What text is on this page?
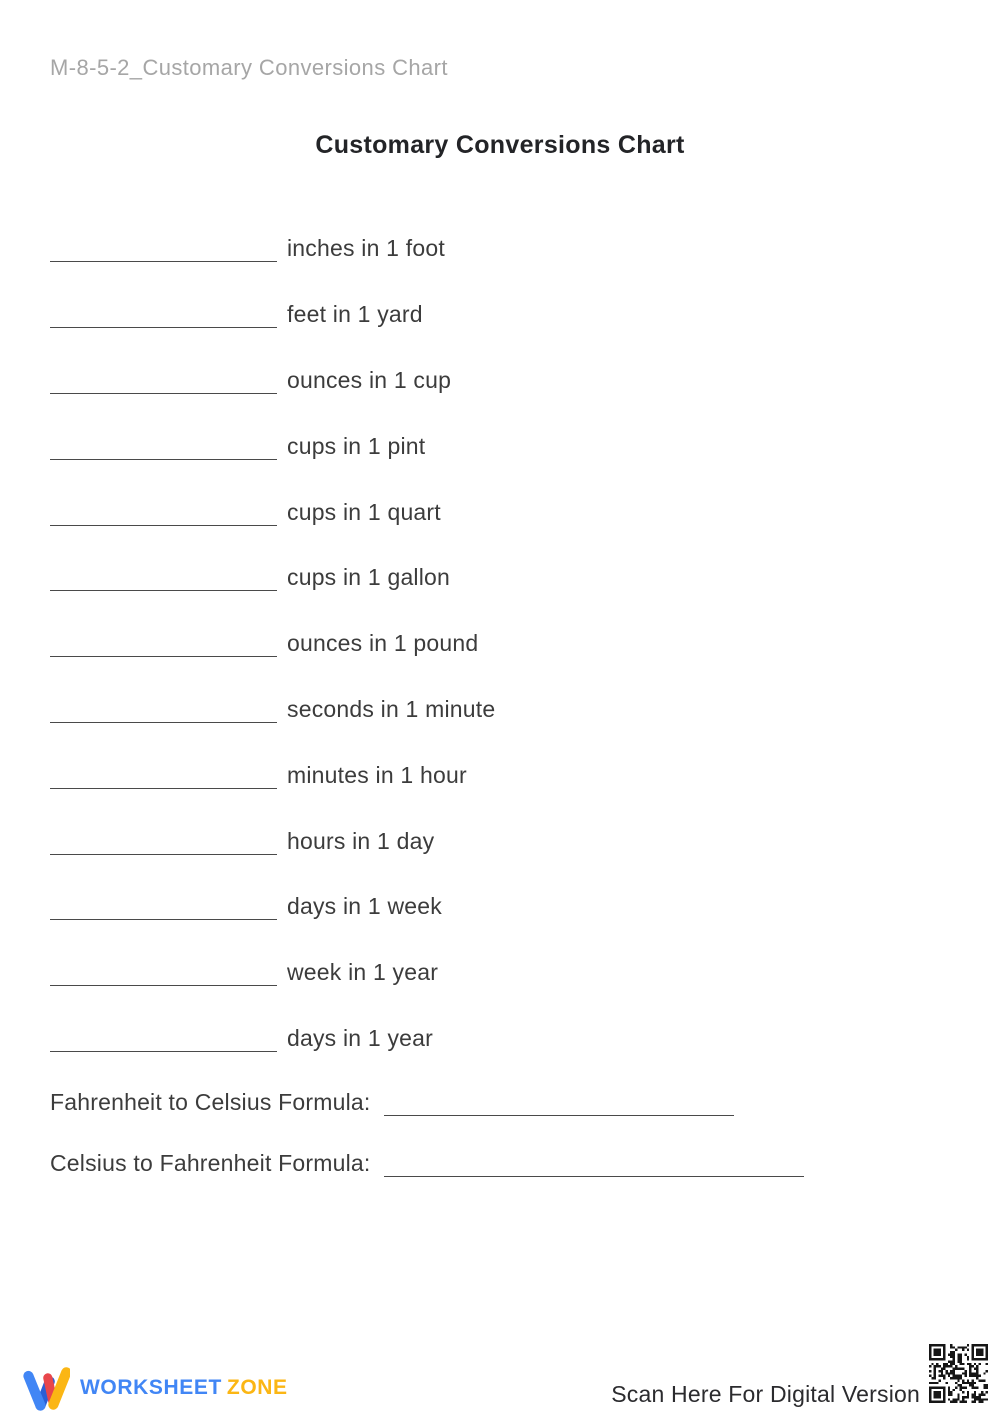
M-8-5-2_Customary Conversions Chart
Customary Conversions Chart
inches in 1 foot
feet in 1 yard
ounces in 1 cup
cups in 1 pint
cups in 1 quart
cups in 1 gallon
ounces in 1 pound
seconds in 1 minute
minutes in 1 hour
hours in 1 day
days in 1 week
week in 1 year
days in 1 year
Fahrenheit to Celsius Formula:
Celsius to Fahrenheit Formula:
WORKSHEET ZONE	Scan Here For Digital Version
